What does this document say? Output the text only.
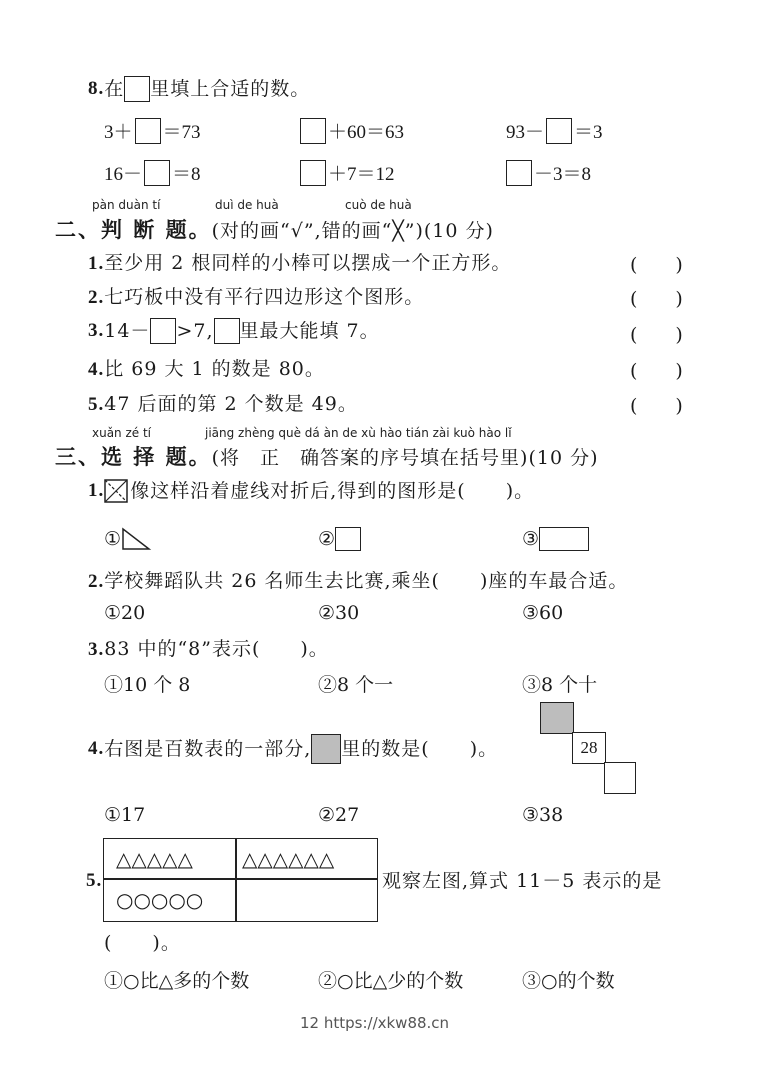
8. 在 里填上合适的数。
3＋ ＝73	＋60＝63	93－ ＝3
16－ ＝8	＋7＝12	－3＝8
pàn duàn tí	duì de huà	cuò de huà
二、判 断 题。(对的画“√”,错的画“╳”)(10 分)
1.至少用 2 根同样的小棒可以摆成一个正方形。	(　　)
2.七巧板中没有平行四边形这个图形。	(　　)
3. 14－ >7, 里最大能填 7。	(　　)
4.比 69 大 1 的数是 80。	(　　)
5.47 后面的第 2 个数是 49。	(　　)
xuǎn zé tí	jiāng zhèng què dá àn de xù hào tián zài kuò hào lǐ
三、选 择 题。(将　正　确答案的序号填在括号里)(10 分)
1. 像这样沿着虚线对折后,得到的图形是(　　)。
①	②	③
2.学校舞蹈队共 26 名师生去比赛,乘坐(　　)座的车最合适。
①20	②30	③60
3.83 中的“8”表示(　　)。
①10 个 8	②8 个一	③8 个十
4. 右图是百数表的一部分, 里的数是(　　)。	28
①17	②27	③38
5.
△△△△△ △△△△△△
○○○○○
观察左图,算式 11－5 表示的是
(　　)。
①○比△多的个数	②○比△少的个数	③○的个数
12 https://xkw88.cn
